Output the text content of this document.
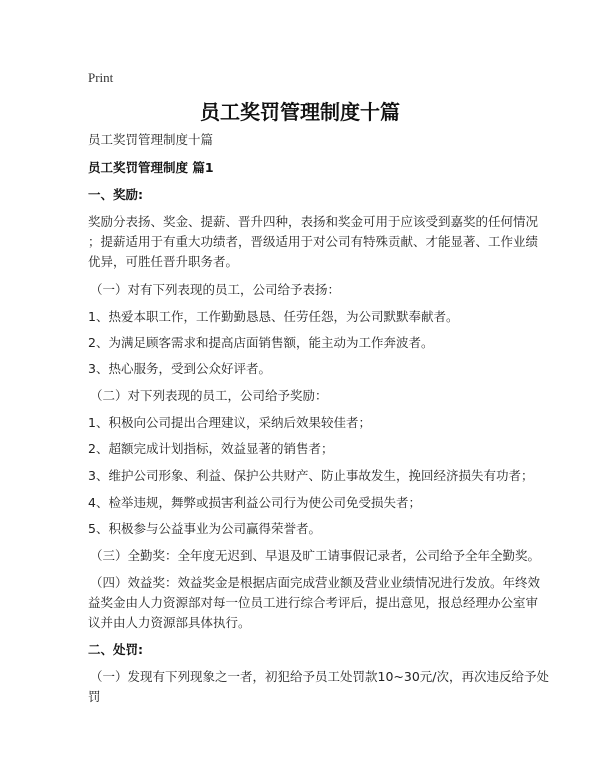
Print
员工奖罚管理制度十篇
员工奖罚管理制度十篇
员工奖罚管理制度 篇1
一、奖励:
奖励分表扬、奖金、提薪、晋升四种，表扬和奖金可用于应该受到嘉奖的任何情况
；提薪适用于有重大功绩者，晋级适用于对公司有特殊贡献、才能显著、工作业绩
优异，可胜任晋升职务者。
（一）对有下列表现的员工，公司给予表扬：
1、热爱本职工作，工作勤勤恳恳、任劳任怨，为公司默默奉献者。
2、为满足顾客需求和提高店面销售额，能主动为工作奔波者。
3、热心服务，受到公众好评者。
（二）对下列表现的员工，公司给予奖励：
1、积极向公司提出合理建议，采纳后效果较佳者；
2、超额完成计划指标，效益显著的销售者；
3、维护公司形象、利益、保护公共财产、防止事故发生，挽回经济损失有功者；
4、检举违规，舞弊或损害利益公司行为使公司免受损失者；
5、积极参与公益事业为公司赢得荣誉者。
（三）全勤奖：全年度无迟到、早退及旷工请事假记录者，公司给予全年全勤奖。
（四）效益奖：效益奖金是根据店面完成营业额及营业业绩情况进行发放。年终效
益奖金由人力资源部对每一位员工进行综合考评后，提出意见，报总经理办公室审
议并由人力资源部具体执行。
二、处罚:
（一）发现有下列现象之一者，初犯给予员工处罚款10~30元/次，再次违反给予处
罚
